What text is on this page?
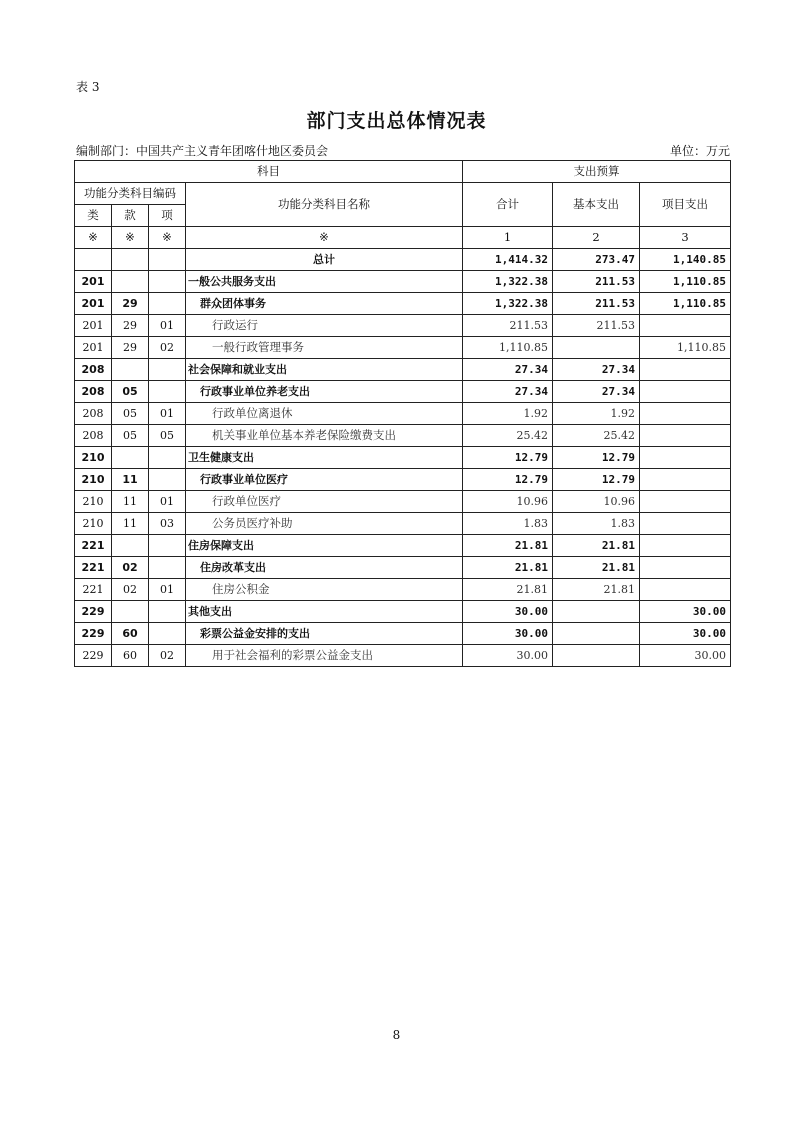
表 3
部门支出总体情况表
编制部门：中国共产主义青年团喀什地区委员会	单位：万元
科目				支出预算		
功能分类科目编码			功能分类科目名称	合计	基本支出	项目支出
类	款	项				
※	※	※	※	1	2	3
			总计	1,414.32	273.47	1,140.85
201			一般公共服务支出	1,322.38	211.53	1,110.85
201	29		群众团体事务	1,322.38	211.53	1,110.85
201	29	01	行政运行	211.53	211.53	
201	29	02	一般行政管理事务	1,110.85		1,110.85
208			社会保障和就业支出	27.34	27.34	
208	05		行政事业单位养老支出	27.34	27.34	
208	05	01	行政单位离退休	1.92	1.92	
208	05	05	机关事业单位基本养老保险缴费支出	25.42	25.42	
210			卫生健康支出	12.79	12.79	
210	11		行政事业单位医疗	12.79	12.79	
210	11	01	行政单位医疗	10.96	10.96	
210	11	03	公务员医疗补助	1.83	1.83	
221			住房保障支出	21.81	21.81	
221	02		住房改革支出	21.81	21.81	
221	02	01	住房公积金	21.81	21.81	
229			其他支出	30.00		30.00
229	60		彩票公益金安排的支出	30.00		30.00
229	60	02	用于社会福利的彩票公益金支出	30.00		30.00
8
